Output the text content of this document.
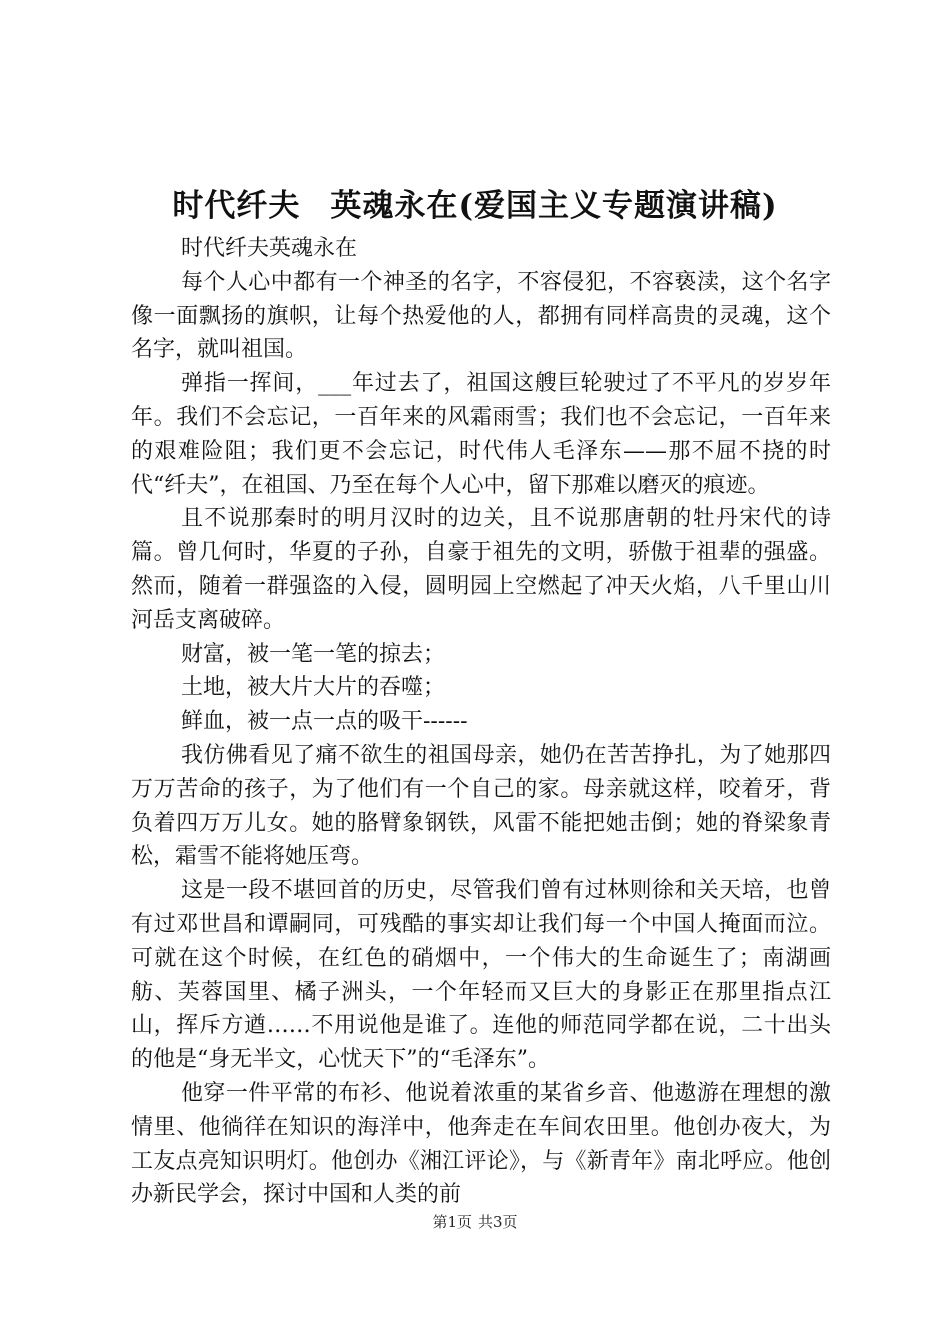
时代纤夫 英魂永在(爱国主义专题演讲稿)

时代纤夫英魂永在

每个人心中都有一个神圣的名字，不容侵犯，不容亵渎，这个名字像一面飘扬的旗帜，让每个热爱他的人，都拥有同样高贵的灵魂，这个名字，就叫祖国。

弹指一挥间，___年过去了，祖国这艘巨轮驶过了不平凡的岁岁年年。我们不会忘记，一百年来的风霜雨雪；我们也不会忘记，一百年来的艰难险阻；我们更不会忘记，时代伟人毛泽东——那不屈不挠的时代“纤夫”，在祖国、乃至在每个人心中，留下那难以磨灭的痕迹。

且不说那秦时的明月汉时的边关，且不说那唐朝的牡丹宋代的诗篇。曾几何时，华夏的子孙，自豪于祖先的文明，骄傲于祖辈的强盛。然而，随着一群强盗的入侵，圆明园上空燃起了冲天火焰，八千里山川河岳支离破碎。

财富，被一笔一笔的掠去；

土地，被大片大片的吞噬；

鲜血，被一点一点的吸干------

我仿佛看见了痛不欲生的祖国母亲，她仍在苦苦挣扎，为了她那四万万苦命的孩子，为了他们有一个自己的家。母亲就这样，咬着牙，背负着四万万儿女。她的胳臂象钢铁，风雷不能把她击倒；她的脊梁象青松，霜雪不能将她压弯。

这是一段不堪回首的历史，尽管我们曾有过林则徐和关天培，也曾有过邓世昌和谭嗣同，可残酷的事实却让我们每一个中国人掩面而泣。可就在这个时候，在红色的硝烟中，一个伟大的生命诞生了；南湖画舫、芙蓉国里、橘子洲头，一个年轻而又巨大的身影正在那里指点江山，挥斥方遒……不用说他是谁了。连他的师范同学都在说，二十出头的他是“身无半文，心忧天下”的“毛泽东”。

他穿一件平常的布衫、他说着浓重的某省乡音、他遨游在理想的激情里、他徜徉在知识的海洋中，他奔走在车间农田里。他创办夜大，为工友点亮知识明灯。他创办《湘江评论》，与《新青年》南北呼应。他创办新民学会，探讨中国和人类的前

第1页 共3页
